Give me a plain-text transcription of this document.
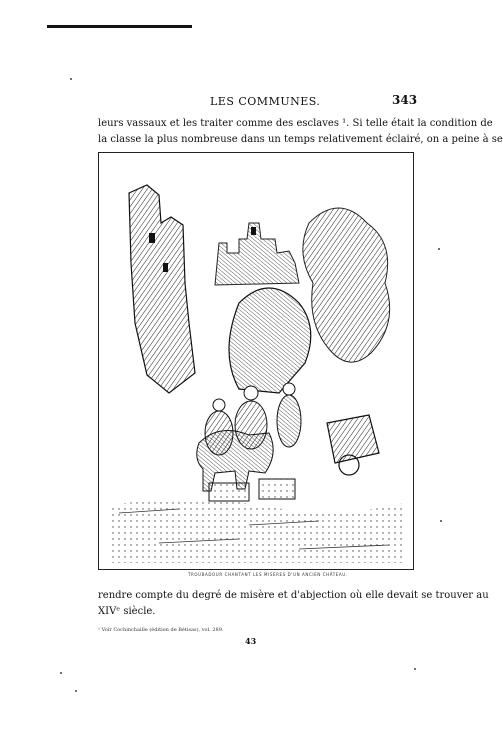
LES COMMUNES.	343
leurs vassaux et les traiter comme des esclaves ¹. Si telle était la condition de
la classe la plus nombreuse dans un temps relativement éclairé, on a peine à se
TROUBADOUR CHANTANT LES MISÈRES D'UN ANCIEN CHÂTEAU.
rendre compte du degré de misère et d'abjection où elle devait se trouver au
XIVᵉ siècle.
¹ Voir Cochinchaille (édition de Bétisas), vol. 289.
43
